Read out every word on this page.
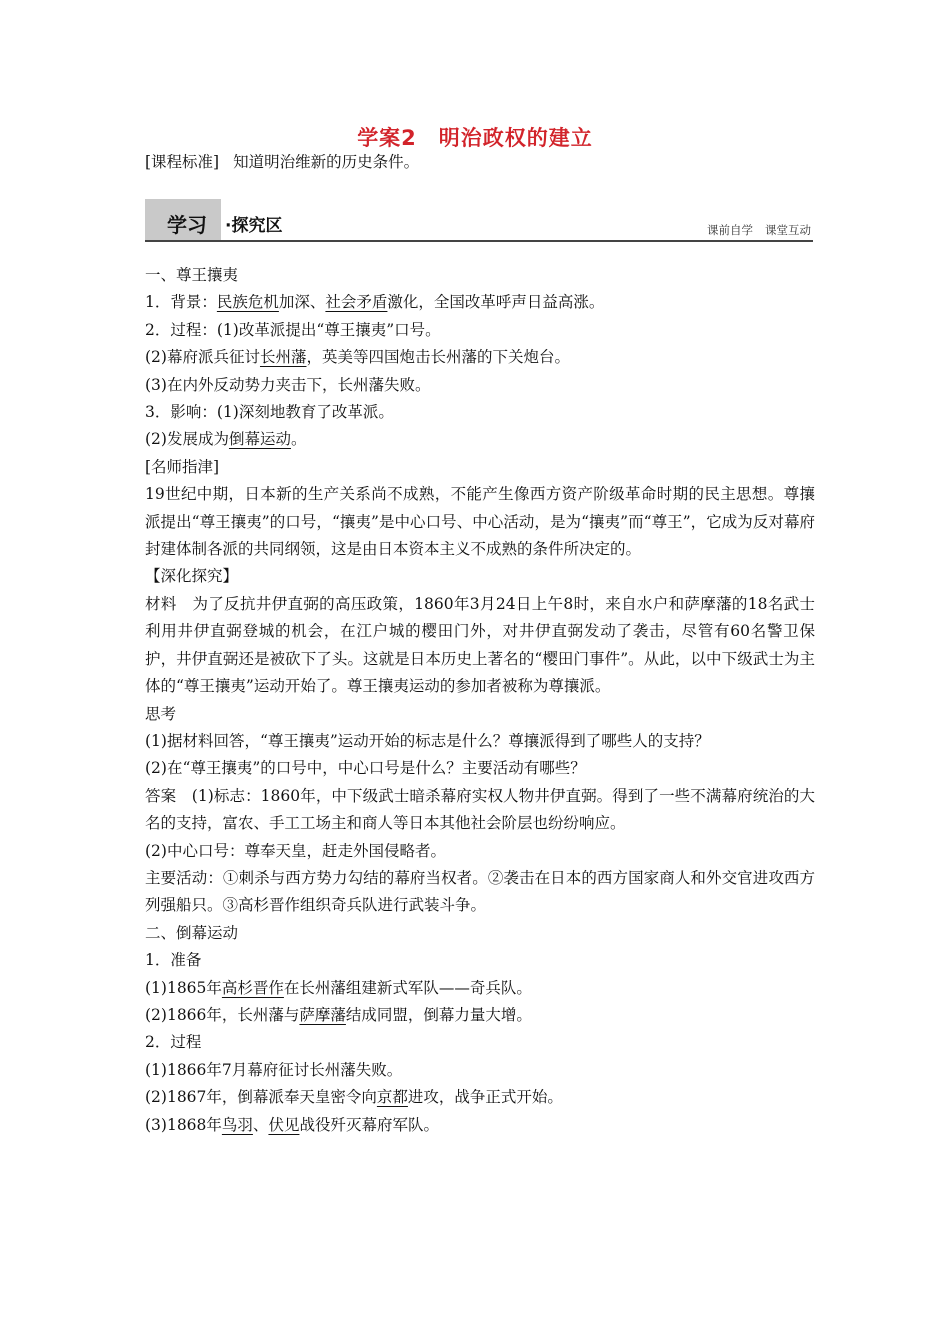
学案2　明治政权的建立
[课程标准] 知道明治维新的历史条件。
学习 ·探究区	课前自学 课堂互动

一、尊王攘夷

1．背景：民族危机加深、社会矛盾激化，全国改革呼声日益高涨。

2．过程：(1)改革派提出“尊王攘夷”口号。

(2)幕府派兵征讨长州藩，英美等四国炮击长州藩的下关炮台。

(3)在内外反动势力夹击下，长州藩失败。

3．影响：(1)深刻地教育了改革派。

(2)发展成为倒幕运动。

[名师指津]

19世纪中期，日本新的生产关系尚不成熟，不能产生像西方资产阶级革命时期的民主思想。尊攘派提出“尊王攘夷”的口号，“攘夷”是中心口号、中心活动，是为“攘夷”而“尊王”，它成为反对幕府封建体制各派的共同纲领，这是由日本资本主义不成熟的条件所决定的。

【深化探究】

材料　为了反抗井伊直弼的高压政策，1860年3月24日上午8时，来自水户和萨摩藩的18名武士利用井伊直弼登城的机会，在江户城的樱田门外，对井伊直弼发动了袭击，尽管有60名警卫保护，井伊直弼还是被砍下了头。这就是日本历史上著名的“樱田门事件”。从此，以中下级武士为主体的“尊王攘夷”运动开始了。尊王攘夷运动的参加者被称为尊攘派。

思考

(1)据材料回答，“尊王攘夷”运动开始的标志是什么？尊攘派得到了哪些人的支持？

(2)在“尊王攘夷”的口号中，中心口号是什么？主要活动有哪些？

答案　(1)标志：1860年，中下级武士暗杀幕府实权人物井伊直弼。得到了一些不满幕府统治的大名的支持，富农、手工工场主和商人等日本其他社会阶层也纷纷响应。

(2)中心口号：尊奉天皇，赶走外国侵略者。

主要活动：①刺杀与西方势力勾结的幕府当权者。②袭击在日本的西方国家商人和外交官进攻西方列强船只。③高杉晋作组织奇兵队进行武装斗争。

二、倒幕运动

1．准备

(1)1865年高杉晋作在长州藩组建新式军队——奇兵队。

(2)1866年，长州藩与萨摩藩结成同盟，倒幕力量大增。

2．过程

(1)1866年7月幕府征讨长州藩失败。

(2)1867年，倒幕派奉天皇密令向京都进攻，战争正式开始。

(3)1868年鸟羽、伏见战役歼灭幕府军队。
